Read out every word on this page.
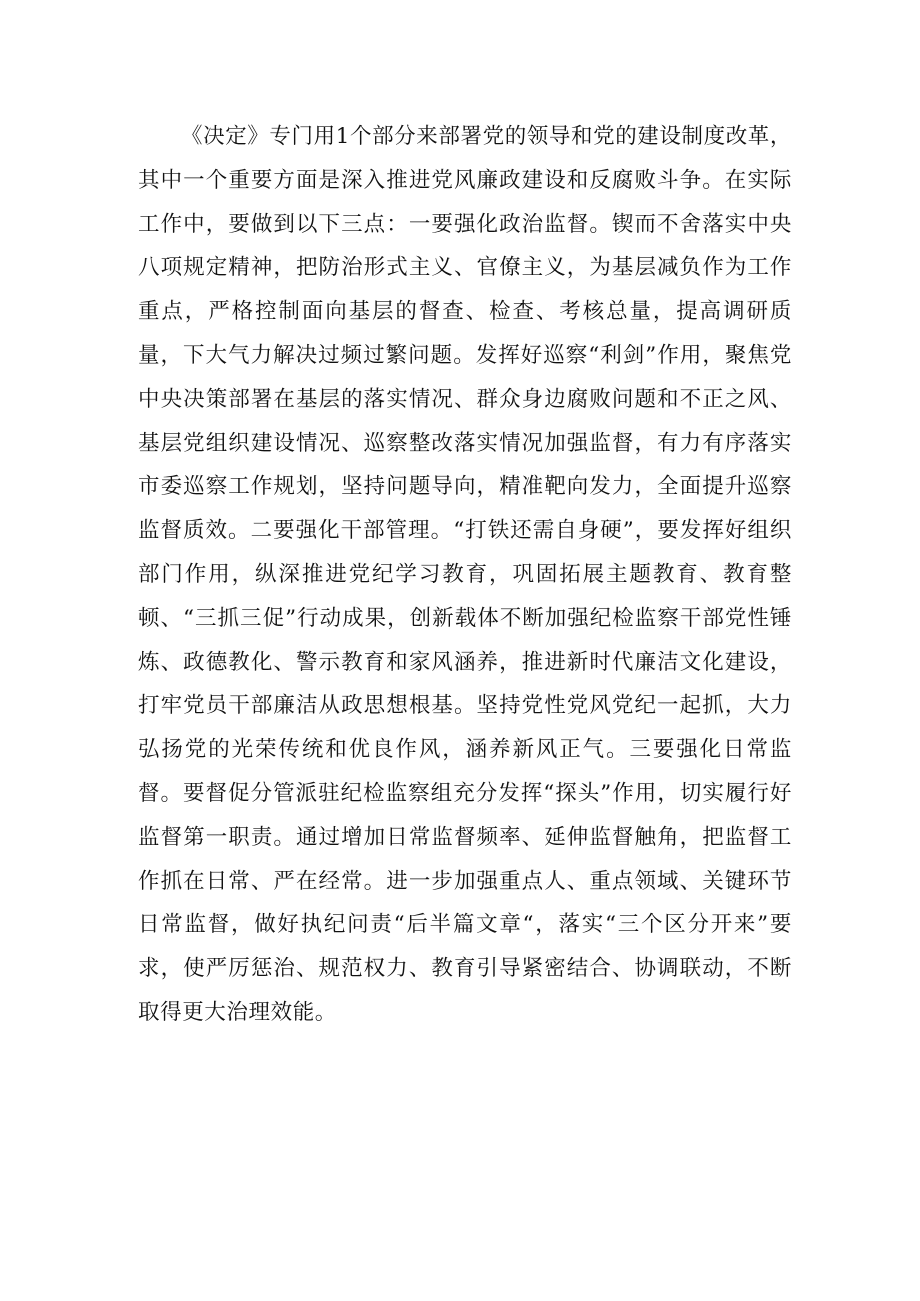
《决定》专门用1个部分来部署党的领导和党的建设制度改革，其中一个重要方面是深入推进党风廉政建设和反腐败斗争。在实际工作中，要做到以下三点：一要强化政治监督。锲而不舍落实中央八项规定精神，把防治形式主义、官僚主义，为基层减负作为工作重点，严格控制面向基层的督查、检查、考核总量，提高调研质量，下大气力解决过频过繁问题。发挥好巡察“利剑”作用，聚焦党中央决策部署在基层的落实情况、群众身边腐败问题和不正之风、基层党组织建设情况、巡察整改落实情况加强监督，有力有序落实市委巡察工作规划，坚持问题导向，精准靶向发力，全面提升巡察监督质效。二要强化干部管理。“打铁还需自身硬”，要发挥好组织部门作用，纵深推进党纪学习教育，巩固拓展主题教育、教育整顿、“三抓三促”行动成果，创新载体不断加强纪检监察干部党性锤炼、政德教化、警示教育和家风涵养，推进新时代廉洁文化建设，打牢党员干部廉洁从政思想根基。坚持党性党风党纪一起抓，大力弘扬党的光荣传统和优良作风，涵养新风正气。三要强化日常监督。要督促分管派驻纪检监察组充分发挥“探头”作用，切实履行好监督第一职责。通过增加日常监督频率、延伸监督触角，把监督工作抓在日常、严在经常。进一步加强重点人、重点领域、关键环节日常监督，做好执纪问责“后半篇文章“，落实“三个区分开来”要求，使严厉惩治、规范权力、教育引导紧密结合、协调联动，不断取得更大治理效能。
